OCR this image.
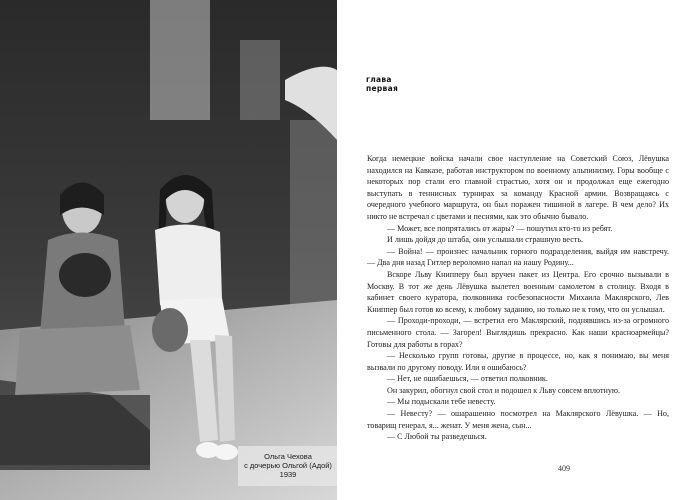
Ольга Чехова
с дочерью Ольгой (Адой)
1939
глава
первая

Когда немецкие войска начали свое наступление на Советский Союз, Лёвушка находился на Кавказе, работая инструктором по военному альпинизму. Горы вообще с некоторых пор стали его главной страстью, хотя он и продолжал еще ежегодно выступать в теннисных турнирах за команду Красной армии. Возвращаясь с очередного учебного маршрута, он был поражен тишиной в лагере. В чем дело? Их никто не встречал с цветами и песнями, как это обычно бывало.

— Может, все попрятались от жары? — пошутил кто-то из ребят.

И лишь дойдя до штаба, они услышали страшную весть.

— Война! — произнес начальник горного подразделения, выйдя им навстречу. — Два дня назад Гитлер вероломно напал на нашу Родину...

Вскоре Льву Книпперу был вручен пакет из Центра. Его срочно вызывали в Москву. В тот же день Лёвушка вылетел военным самолетом в столицу. Входя в кабинет своего куратора, полковника госбезопасности Михаила Маклярского, Лев Книппер был готов ко всему, к любому заданию, но только не к тому, что он услышал.

— Проходи-проходи, — встретил его Маклярский, поднявшись из-за огромного письменного стола. — Загорел! Выглядишь прекрасно. Как наши красноармейцы? Готовы для работы в горах?

— Несколько групп готовы, другие в процессе, но, как я понимаю, вы меня вызвали по другому поводу. Или я ошибаюсь?

— Нет, не ошибаешься, — ответил полковник.

Он закурил, обогнул свой стол и подошел к Льву совсем вплотную.

— Мы подыскали тебе невесту.

— Невесту? — ошарашенно посмотрел на Маклярского Лёвушка. — Но, товарищ генерал, я... женат. У меня жена, сын...

— С Любой ты разведешься.

409
